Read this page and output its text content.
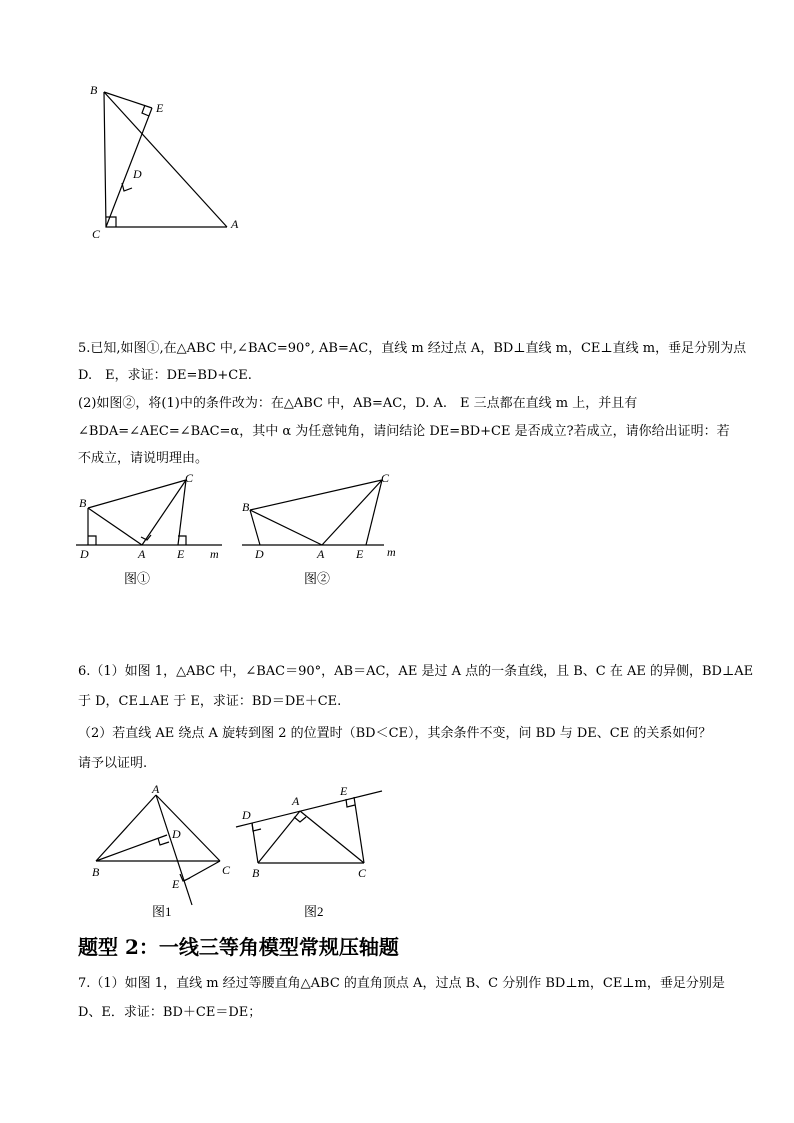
B
E
D
C
A
5.已知,如图①,在△ABC 中,∠BAC=90°, AB=AC，直线 m 经过点 A，BD⊥直线 m，CE⊥直线 m，垂足分别为点
D.　E，求证：DE=BD+CE.
(2)如图②，将(1)中的条件改为：在△ABC 中，AB=AC，D. A.　E 三点都在直线 m 上，并且有
∠BDA=∠AEC=∠BAC=α，其中 α 为任意钝角，请问结论 DE=BD+CE 是否成立?若成立，请你给出证明：若
不成立，请说明理由。
B
C
D	A	E m
图①
B
C
D	A	E m
图②
6.（1）如图 1，△ABC 中，∠BAC＝90°，AB＝AC，AE 是过 A 点的一条直线，且 B、C 在 AE 的异侧，BD⊥AE
于 D，CE⊥AE 于 E，求证：BD＝DE＋CE.
（2）若直线 AE 绕点 A 旋转到图 2 的位置时（BD＜CE），其余条件不变，问 BD 与 DE、CE 的关系如何？
请予以证明.
A
D
B
E
C
图1
D
A
E
B	C
图2
题型 2：一线三等角模型常规压轴题
7.（1）如图 1，直线 m 经过等腰直角△ABC 的直角顶点 A，过点 B、C 分别作 BD⊥m，CE⊥m，垂足分别是
D、E．求证：BD＋CE＝DE；
